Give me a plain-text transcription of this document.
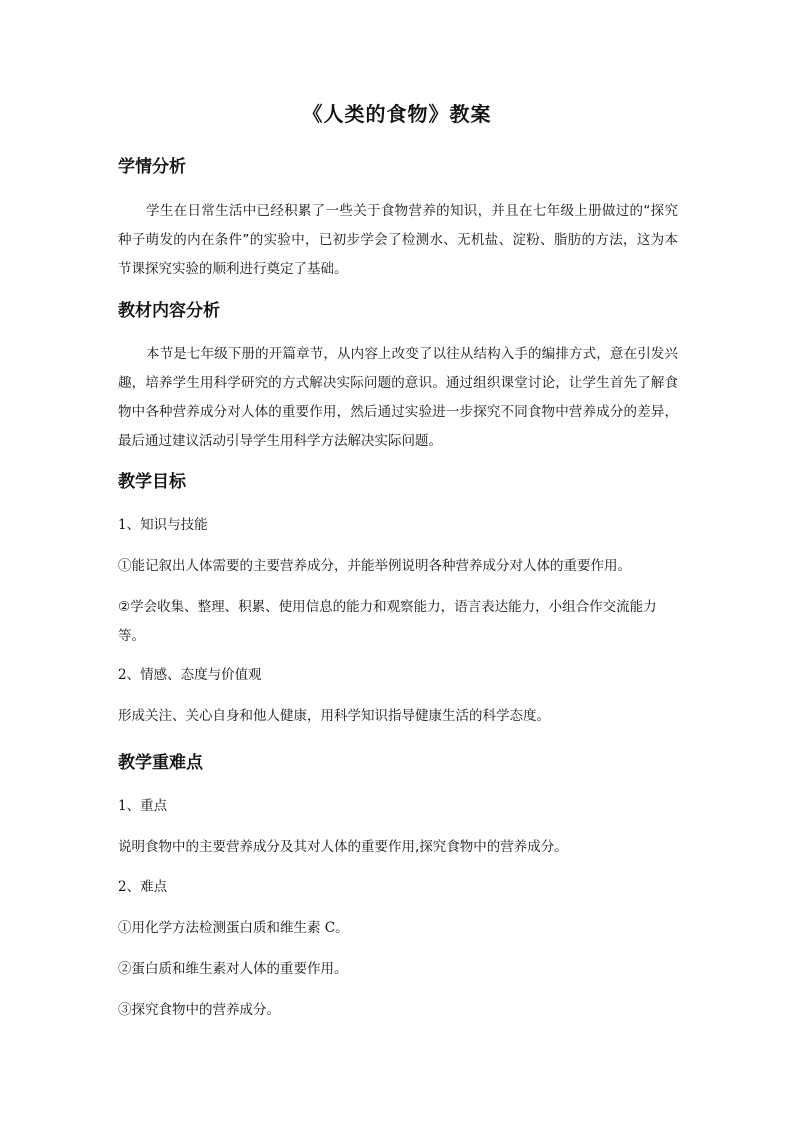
《人类的食物》教案
学情分析
学生在日常生活中已经积累了一些关于食物营养的知识，并且在七年级上册做过的“探究种子萌发的内在条件”的实验中，已初步学会了检测水、无机盐、淀粉、脂肪的方法，这为本节课探究实验的顺利进行奠定了基础。
教材内容分析
本节是七年级下册的开篇章节，从内容上改变了以往从结构入手的编排方式，意在引发兴趣，培养学生用科学研究的方式解决实际问题的意识。通过组织课堂讨论，让学生首先了解食物中各种营养成分对人体的重要作用，然后通过实验进一步探究不同食物中营养成分的差异，最后通过建议活动引导学生用科学方法解决实际问题。
教学目标
1、知识与技能
①能记叙出人体需要的主要营养成分，并能举例说明各种营养成分对人体的重要作用。
②学会收集、整理、积累、使用信息的能力和观察能力，语言表达能力，小组合作交流能力等。
2、情感、态度与价值观
形成关注、关心自身和他人健康，用科学知识指导健康生活的科学态度。
教学重难点
1、重点
说明食物中的主要营养成分及其对人体的重要作用,探究食物中的营养成分。
2、难点
①用化学方法检测蛋白质和维生素 C。
②蛋白质和维生素对人体的重要作用。
③探究食物中的营养成分。
